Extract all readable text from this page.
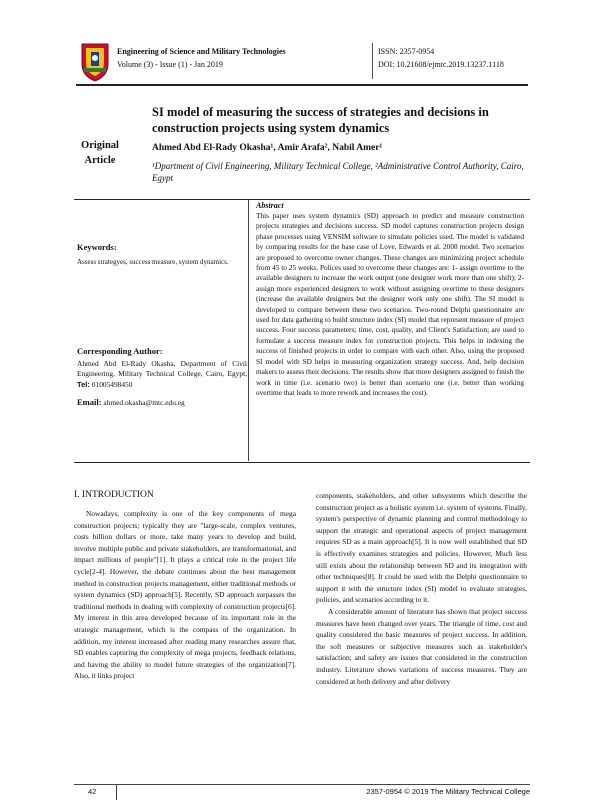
Engineering of Science and Military Technologies
Volume (3) - Issue (1) - Jan 2019
ISSN: 2357-0954
DOI: 10.21608/ejmtc.2019.13237.1118
SI model of measuring the success of strategies and decisions in construction projects using system dynamics
Original Article
Ahmed Abd El-Rady Okasha¹, Amir Arafa², Nabil Amer¹
¹Dpartment of Civil Engineering, Military Technical College, ²Administrative Control Authority, Cairo, Egypt
Keywords:
Assess strategyes, success measure, system dynamics.
Corresponding Author:
Ahmed Abd El-Rady Okasha, Department of Civil Engineering, Military Technical College, Cairo, Egypt, Tel: 01005498450
Email: ahmed.okasha@mtc.edu.eg
Abstract
This paper uses system dynamics (SD) approach to predict and measure construction projects strategies and decisions success. SD model captures construction projects design phase processes using VENSIM software to simulate policies used. The model is validated by comparing results for the base case of Love, Edwards et al. 2008 model. Two scenarios are proposed to overcome owner changes. These changes are minimizing project schedule from 45 to 25 weeks. Polices used to overcome these changes are: 1- assign overtime to the available designers to increase the work output (one designer work more than one shift); 2- assign more experienced designers to work without assigning overtime to these designers (increase the available designers but the designer work only one shift). The SI model is developed to compare between these two scenarios. Two-round Delphi questionnaire are used for data gathering to build structure index (SI) model that represent measure of project success. Four success parameters; time, cost, quality, and Client's Satisfaction; are used to formulate a success measure index for construction projects. This helps in indexing the success of finished projects in order to compare with each other. Also, using the proposed SI model with SD helps in measuring organization strategy success. And, help decision makers to assess their decisions. The results show that more designers assigned to finish the work in time (i.e. scenario two) is better than scenario one (i.e. better than working overtime that leads to more rework and increases the cost).
I. INTRODUCTION

Nowadays, complexity is one of the key components of mega construction projects; typically they are "large-scale, complex ventures, costs billion dollars or more, take many years to develop and build, involve multiple public and private stakeholders, are transformational, and impact millions of people"[1]. It plays a critical role in the project life cycle[2-4]. However, the debate continues about the best management method in construction projects management, either traditional methods or system dynamics (SD) approach[5]. Recently, SD approach surpasses the traditional methods in dealing with complexity of construction projects[6]. My interest in this area developed because of its important role in the strategic management, which is the compass of the organization. In addition, my interest increased after reading many researches assure that, SD enables capturing the complexity of mega projects, feedback relations, and having the ability to model future strategies of the organization[7]. Also, it links project

components, stakeholders, and other subsystems which describe the construction project as a holistic system i.e. system of systems. Finally, system's perspective of dynamic planning and control methodology to support the strategic and operational aspects of project management requires SD as a main approach[5]. It is now well established that SD is effectively examines strategies and policies. However, Much less still exists about the relationship between SD and its integration with other techniques[8]. It could be used with the Delphi questionnaire to support it with the structure index (SI) model to evaluate strategies, policies, and scenarios according to it.

A considerable amount of literature has shown that project success measures have been changed over years. The triangle of time, cost and quality considered the basic measures of project success. In addition, the soft measures or subjective measures such as stakeholder's satisfaction; and safety are issues that considered in the construction industry. Literature shows variations of success measures. They are considered at both delivery and after delivery

42	2357-0954 © 2019 The Military Technical College
